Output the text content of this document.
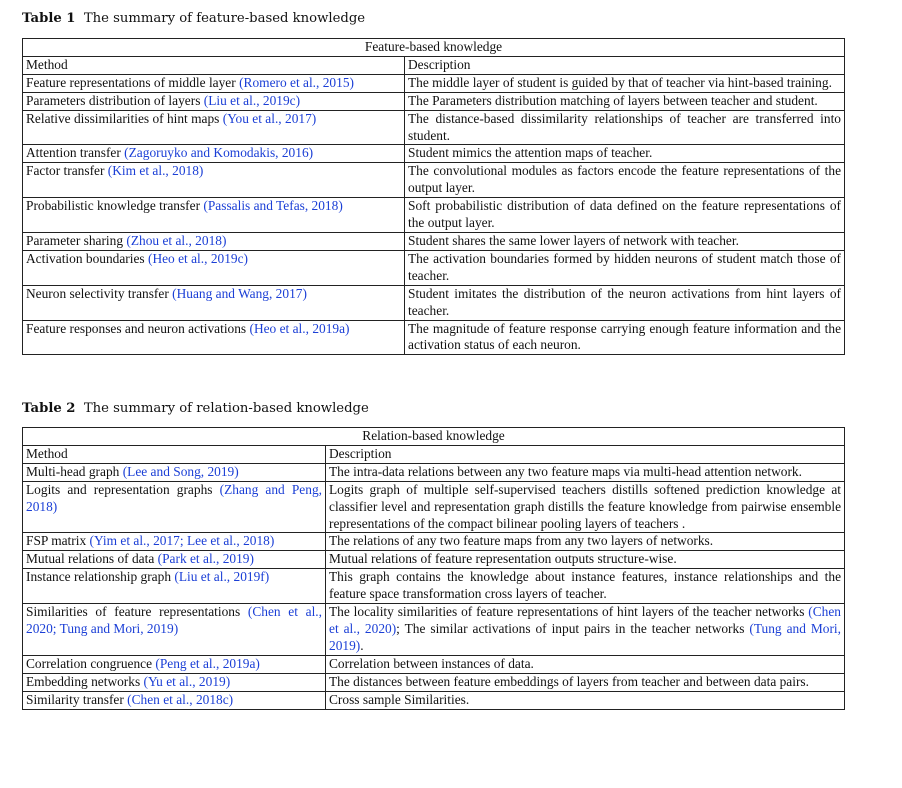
Table 1 The summary of feature-based knowledge
Feature-based knowledge	
Method	Description
Feature representations of middle layer (Romero et al., 2015)	The middle layer of student is guided by that of teacher via hint-based training.
Parameters distribution of layers (Liu et al., 2019c)	The Parameters distribution matching of layers between teacher and student.
Relative dissimilarities of hint maps (You et al., 2017)	The distance-based dissimilarity relationships of teacher are transferred into student.
Attention transfer (Zagoruyko and Komodakis, 2016)	Student mimics the attention maps of teacher.
Factor transfer (Kim et al., 2018)	The convolutional modules as factors encode the feature representations of the output layer.
Probabilistic knowledge transfer (Passalis and Tefas, 2018)	Soft probabilistic distribution of data defined on the feature representations of the output layer.
Parameter sharing (Zhou et al., 2018)	Student shares the same lower layers of network with teacher.
Activation boundaries (Heo et al., 2019c)	The activation boundaries formed by hidden neurons of student match those of teacher.
Neuron selectivity transfer (Huang and Wang, 2017)	Student imitates the distribution of the neuron activations from hint layers of teacher.
Feature responses and neuron activations (Heo et al., 2019a)	The magnitude of feature response carrying enough feature information and the activation status of each neuron.
Table 2 The summary of relation-based knowledge
Relation-based knowledge	
Method	Description
Multi-head graph (Lee and Song, 2019)	The intra-data relations between any two feature maps via multi-head attention network.
Logits and representation graphs (Zhang and Peng, 2018)	Logits graph of multiple self-supervised teachers distills softened prediction knowledge at classifier level and representation graph distills the feature knowledge from pairwise ensemble representations of the compact bilinear pooling layers of teachers .
FSP matrix (Yim et al., 2017; Lee et al., 2018)	The relations of any two feature maps from any two layers of networks.
Mutual relations of data (Park et al., 2019)	Mutual relations of feature representation outputs structure-wise.
Instance relationship graph (Liu et al., 2019f)	This graph contains the knowledge about instance features, instance relationships and the feature space transformation cross layers of teacher.
Similarities of feature representations (Chen et al., 2020; Tung and Mori, 2019)	The locality similarities of feature representations of hint layers of the teacher networks (Chen et al., 2020); The similar activations of input pairs in the teacher networks (Tung and Mori, 2019).
Correlation congruence (Peng et al., 2019a)	Correlation between instances of data.
Embedding networks (Yu et al., 2019)	The distances between feature embeddings of layers from teacher and between data pairs.
Similarity transfer (Chen et al., 2018c)	Cross sample Similarities.
